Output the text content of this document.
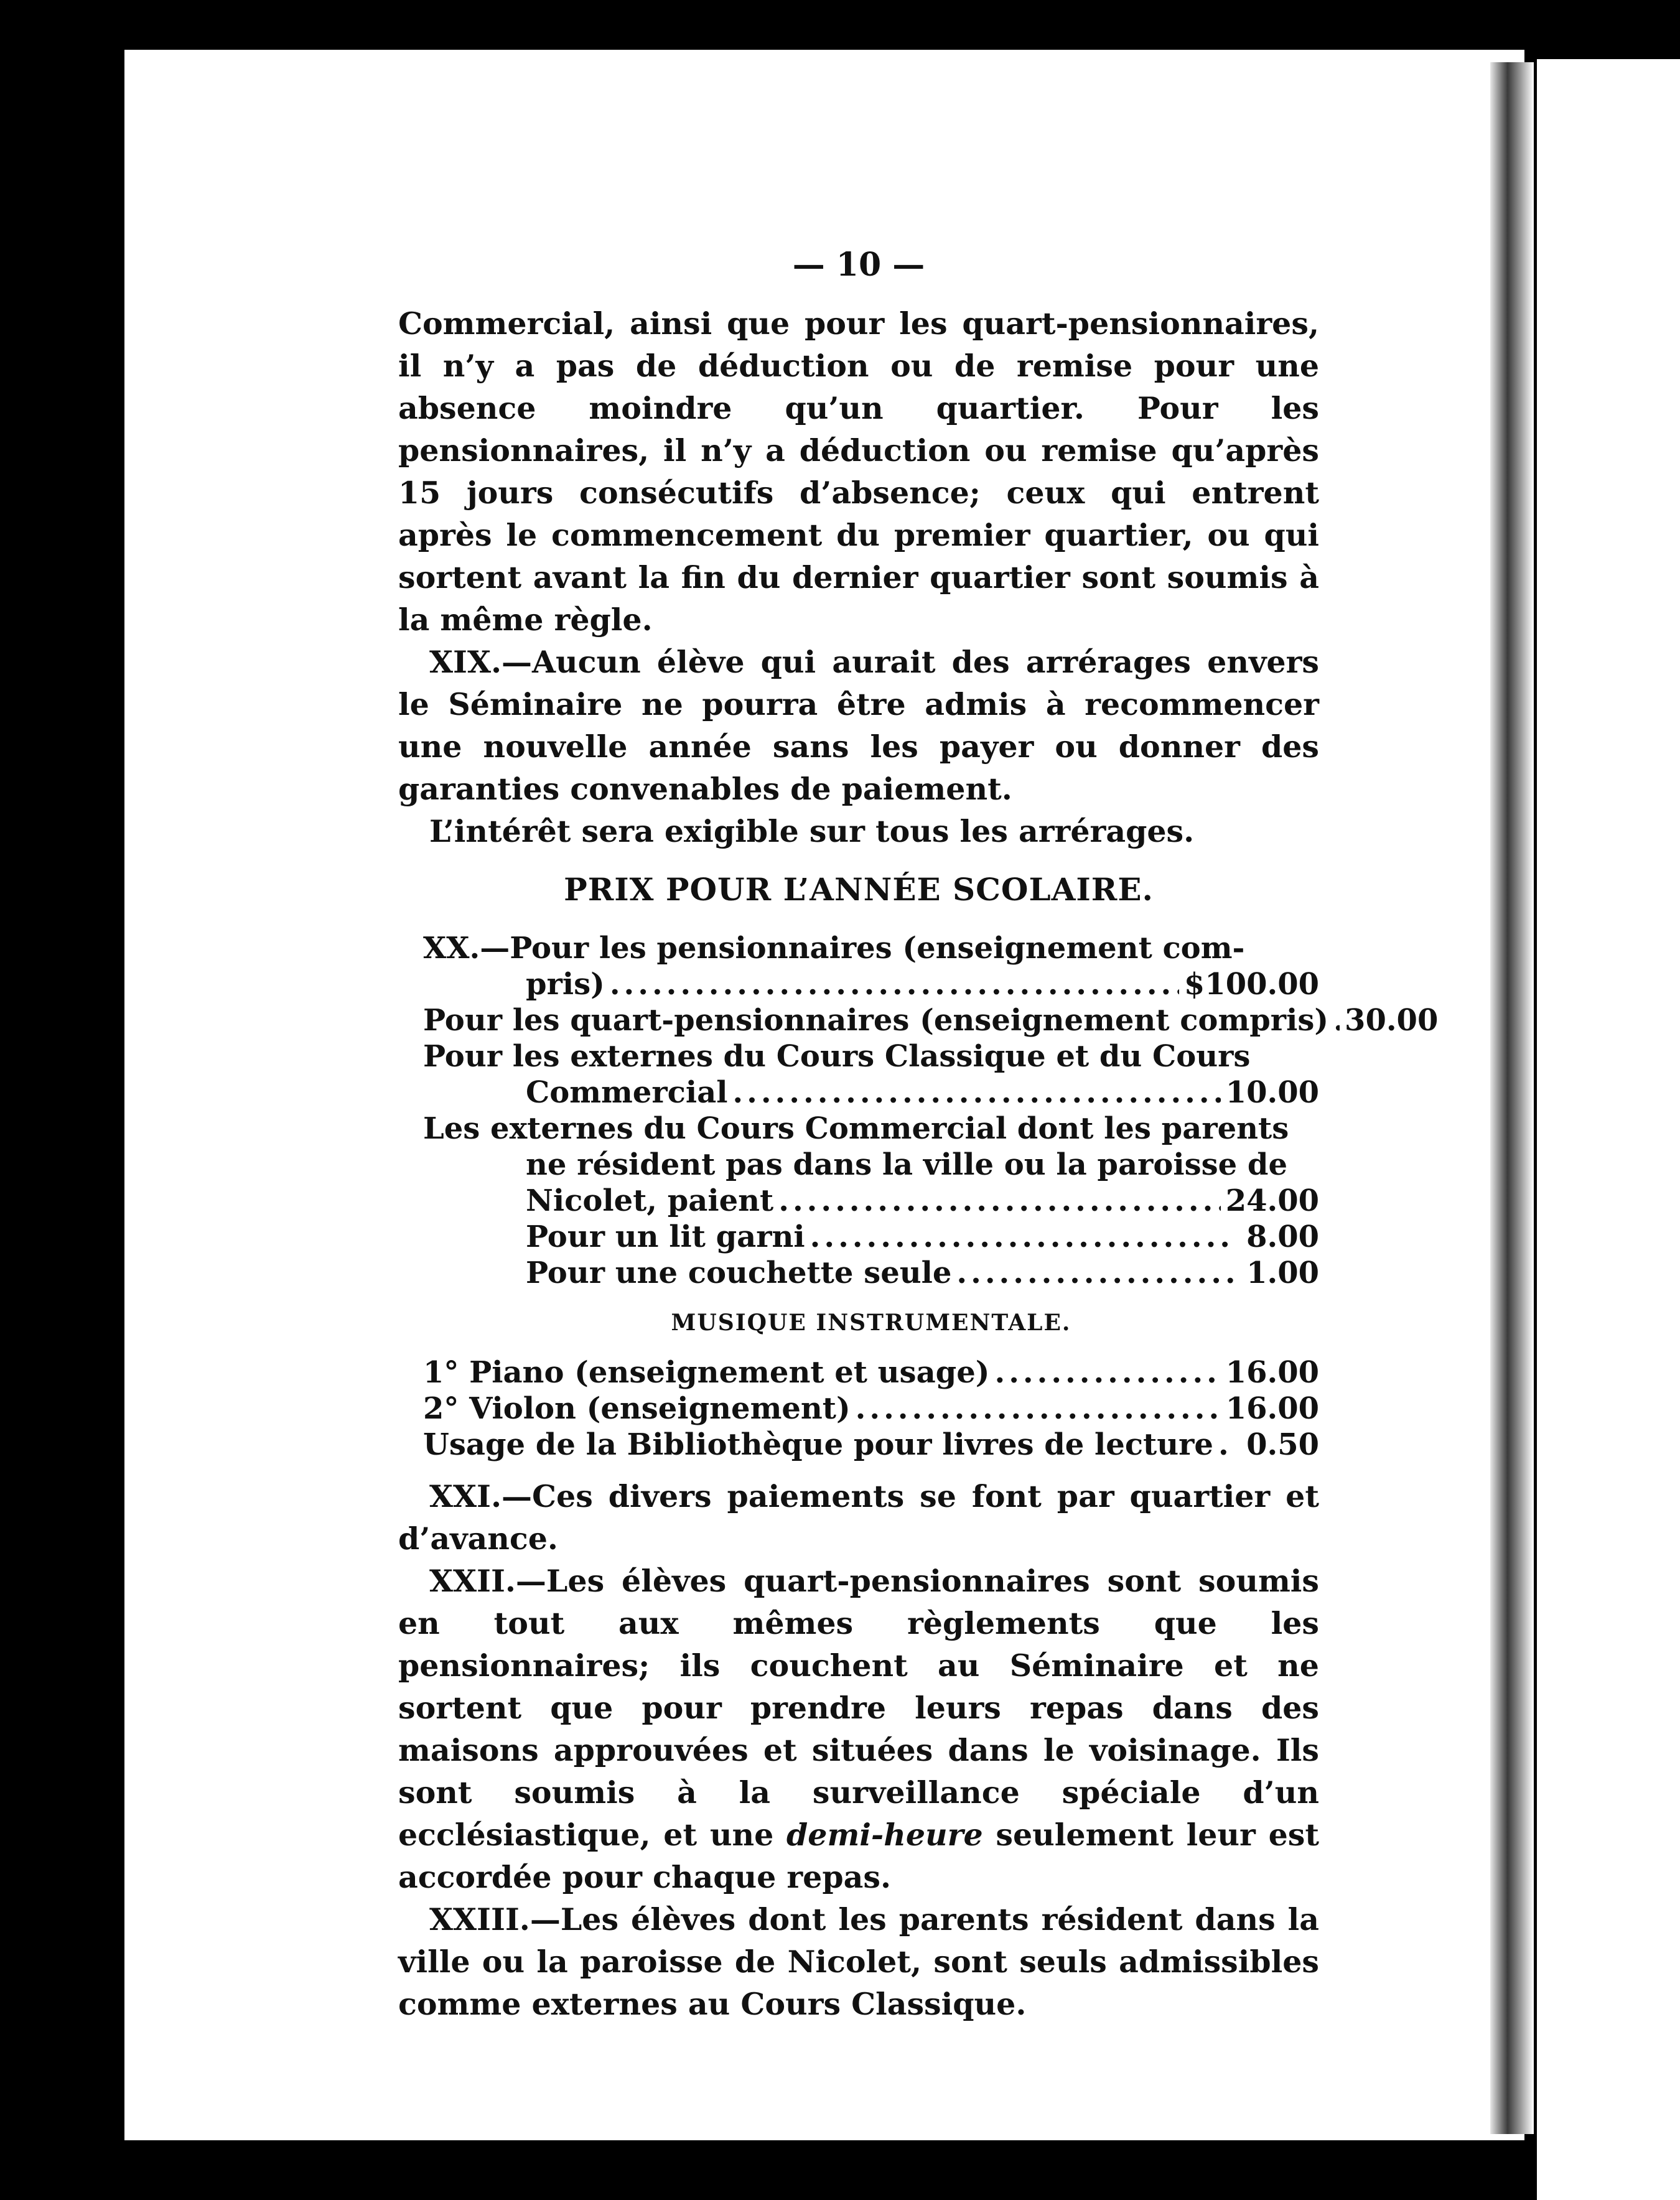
— 10 —

Commercial, ainsi que pour les quart-pensionnaires, il n’y a pas de déduction ou de remise pour une absence moindre qu’un quartier. Pour les pensionnaires, il n’y a déduction ou remise qu’après 15 jours consécutifs d’absence; ceux qui entrent après le commencement du premier quartier, ou qui sortent avant la fin du dernier quartier sont soumis à la même règle.

XIX.—Aucun élève qui aurait des arrérages envers le Séminaire ne pourra être admis à recommencer une nouvelle année sans les payer ou donner des garanties convenables de paiement.

L’intérêt sera exigible sur tous les arrérages.

PRIX POUR L’ANNÉE SCOLAIRE.
XX.—Pour les pensionnaires (enseignement com-
pris) .....	$100.00
Pour les quart-pensionnaires (enseignement compris) ..... 30.00
Pour les externes du Cours Classique et du Cours
Commercial .....	10.00
Les externes du Cours Commercial dont les parents
ne résident pas dans la ville ou la paroisse de
Nicolet, paient .....	24.00
Pour un lit garni .....	8.00
Pour une couchette seule .....	1.00
MUSIQUE INSTRUMENTALE.
1° Piano (enseignement et usage) .....	16.00
2° Violon (enseignement) .....	16.00
Usage de la Bibliothèque pour livres de lecture ..... 0.50

XXI.—Ces divers paiements se font par quartier et d’avance.

XXII.—Les élèves quart-pensionnaires sont soumis en tout aux mêmes règlements que les pensionnaires; ils couchent au Séminaire et ne sortent que pour prendre leurs repas dans des maisons approuvées et situées dans le voisinage. Ils sont soumis à la surveillance spéciale d’un ecclésiastique, et une demi-heure seulement leur est accordée pour chaque repas.

XXIII.—Les élèves dont les parents résident dans la ville ou la paroisse de Nicolet, sont seuls admissibles comme externes au Cours Classique.
